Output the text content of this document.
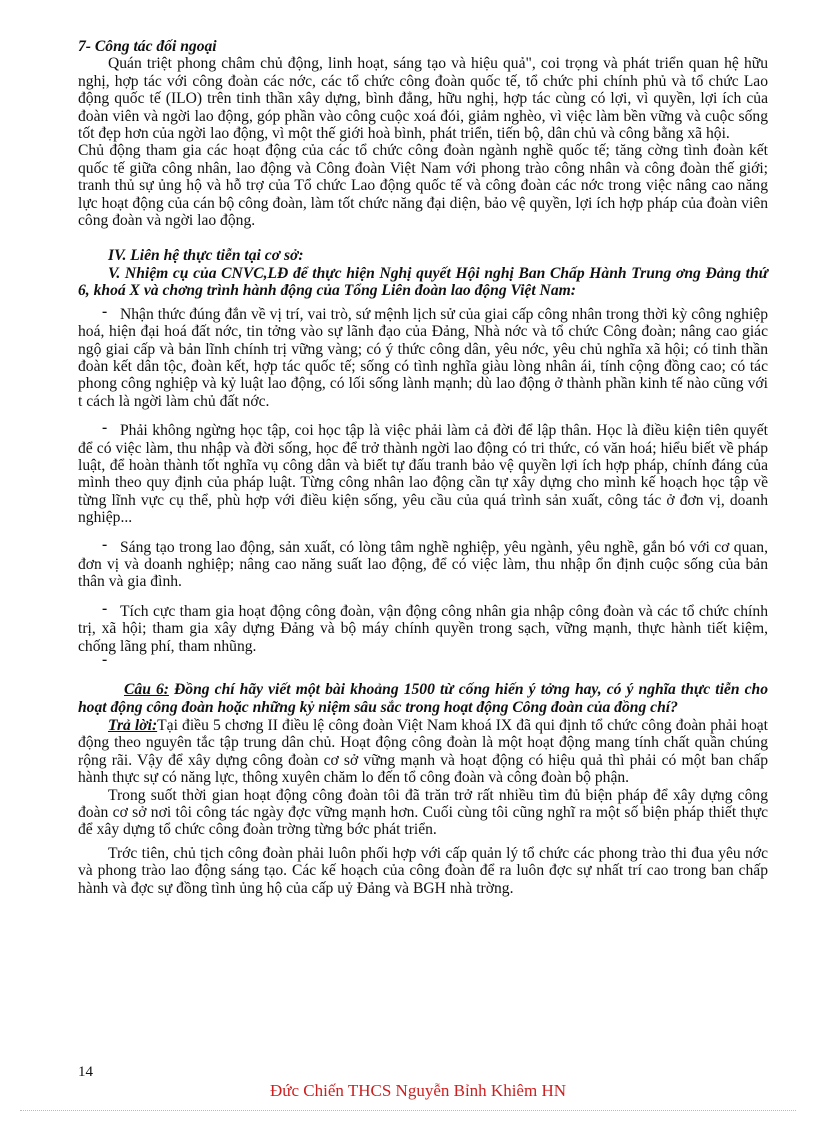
7- Công tác đối ngoại

Quán triệt phong châm chủ động, linh hoạt, sáng tạo và hiệu quả", coi trọng và phát triển quan hệ hữu nghị, hợp tác với công đoàn các nớc, các tổ chức công đoàn quốc tế, tổ chức phi chính phủ và tổ chức Lao động quốc tế (ILO) trên tinh thần xây dựng, bình đẳng, hữu nghị, hợp tác cùng có lợi, vì quyền, lợi ích của đoàn viên và ngời lao động, góp phần vào công cuộc xoá đói, giảm nghèo, vì việc làm bền vững và cuộc sống tốt đẹp hơn của ngời lao động, vì một thế giới hoà bình, phát triển, tiến bộ, dân chủ và công bằng xã hội.

Chủ động tham gia các hoạt động của các tổ chức công đoàn ngành nghề quốc tế; tăng cờng tình đoàn kết quốc tế giữa công nhân, lao động và Công đoàn Việt Nam với phong trào công nhân và công đoàn thế giới; tranh thủ sự ủng hộ và hỗ trợ của Tổ chức Lao động quốc tế và công đoàn các nớc trong việc nâng cao năng lực hoạt động của cán bộ công đoàn, làm tốt chức năng đại diện, bảo vệ quyền, lợi ích hợp pháp của đoàn viên công đoàn và ngời lao động.

IV. Liên hệ thực tiễn tại cơ sở:

V. Nhiệm cụ của CNVC,LĐ để thực hiện Nghị quyết Hội nghị Ban Chấp Hành Trung ơng Đảng thứ 6, khoá X và chơng trình hành động của Tổng Liên đoàn lao động Việt Nam:

- Nhận thức đúng đắn về vị trí, vai trò, sứ mệnh lịch sử của giai cấp công nhân trong thời kỳ công nghiệp hoá, hiện đại hoá đất nớc, tin tởng vào sự lãnh đạo của Đảng, Nhà nớc và tổ chức Công đoàn; nâng cao giác ngộ giai cấp và bản lĩnh chính trị vững vàng; có ý thức công dân, yêu nớc, yêu chủ nghĩa xã hội; có tinh thần đoàn kết dân tộc, đoàn kết, hợp tác quốc tế; sống có tình nghĩa giàu lòng nhân ái, tính cộng đồng cao; có tác phong công nghiệp và kỷ luật lao động, có lối sống lành mạnh; dù lao động ở thành phần kinh tế nào cũng với t cách là ngời làm chủ đất nớc.

- Phải không ngừng học tập, coi học tập là việc phải làm cả đời để lập thân. Học là điều kiện tiên quyết để có việc làm, thu nhập và đời sống, học để trở thành ngời lao động có tri thức, có văn hoá; hiểu biết về pháp luật, để hoàn thành tốt nghĩa vụ công dân và biết tự đấu tranh bảo vệ quyền lợi ích hợp pháp, chính đáng của mình theo quy định của pháp luật. Từng công nhân lao động cần tự xây dựng cho mình kế hoạch học tập về từng lĩnh vực cụ thể, phù hợp với điều kiện sống, yêu cầu của quá trình sản xuất, công tác ở đơn vị, doanh nghiệp...

- Sáng tạo trong lao động, sản xuất, có lòng tâm nghề nghiệp, yêu ngành, yêu nghề, gắn bó với cơ quan, đơn vị và doanh nghiệp; nâng cao năng suất lao động, để có việc làm, thu nhập ổn định cuộc sống của bản thân và gia đình.

- Tích cực tham gia hoạt động công đoàn, vận động công nhân gia nhập công đoàn và các tổ chức chính trị, xã hội; tham gia xây dựng Đảng và bộ máy chính quyền trong sạch, vững mạnh, thực hành tiết kiệm, chống lãng phí, tham nhũng.

-

Câu 6: Đồng chí hãy viết một bài khoảng 1500 từ cống hiến ý tởng hay, có ý nghĩa thực tiễn cho hoạt động công đoàn hoặc những kỷ niệm sâu sắc trong hoạt động Công đoàn của đồng chí?

Trả lời:Tại điều 5 chơng II điều lệ công đoàn Việt Nam khoá IX đã qui định tổ chức công đoàn phải hoạt động theo nguyên tắc tập trung dân chủ. Hoạt động công đoàn là một hoạt động mang tính chất quần chúng rộng rãi. Vậy để xây dựng công đoàn cơ sở vững mạnh và hoạt động có hiệu quả thì phải có một ban chấp hành thực sự có năng lực, thông xuyên chăm lo đến tổ công đoàn và công đoàn bộ phận.

Trong suốt thời gian hoạt động công đoàn tôi đã trăn trở rất nhiều tìm đủ biện pháp để xây dựng công đoàn cơ sở nơi tôi công tác ngày đợc vững mạnh hơn. Cuối cùng tôi cũng nghĩ ra một số biện pháp thiết thực để xây dựng tổ chức công đoàn trờng từng bớc phát triển.

Trớc tiên, chủ tịch công đoàn phải luôn phối hợp với cấp quản lý tổ chức các phong trào thi đua yêu nớc và phong trào lao động sáng tạo. Các kế hoạch của công đoàn để ra luôn đợc sự nhất trí cao trong ban chấp hành và đợc sự đồng tình ủng hộ của cấp uỷ Đảng và BGH nhà trờng.

14
Đức Chiến THCS Nguyễn Bỉnh Khiêm HN
